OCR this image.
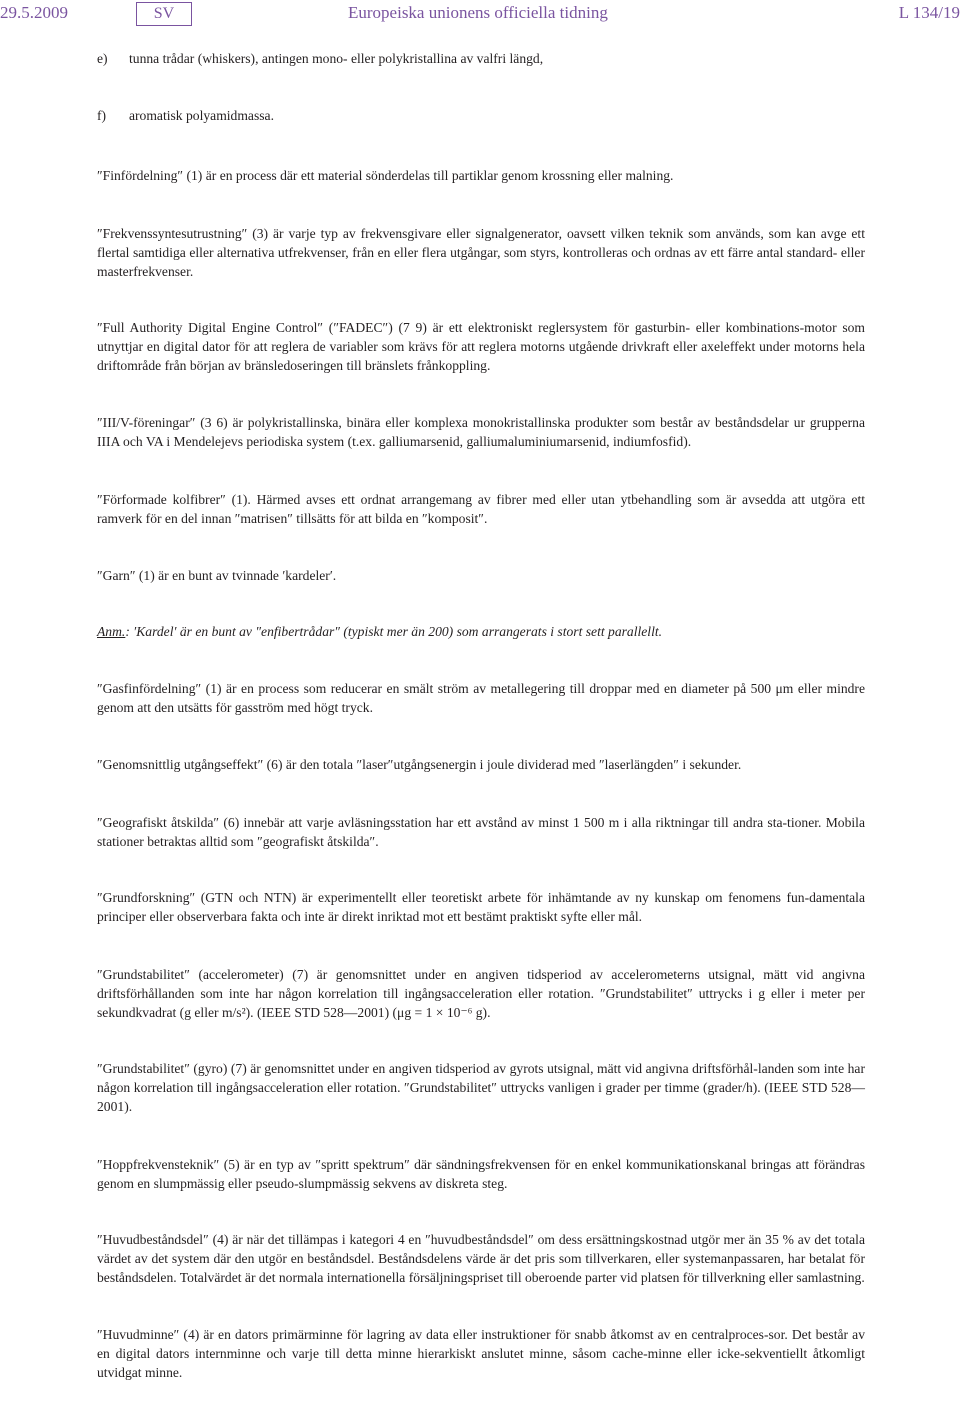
29.5.2009	SV	Europeiska unionens officiella tidning	L 134/19
e) tunna trådar (whiskers), antingen mono- eller polykristallina av valfri längd,
f) aromatisk polyamidmassa.

″Finfördelning″ (1) är en process där ett material sönderdelas till partiklar genom krossning eller malning.

″Frekvenssyntesutrustning″ (3) är varje typ av frekvensgivare eller signalgenerator, oavsett vilken teknik som används, som kan avge ett flertal samtidiga eller alternativa utfrekvenser, från en eller flera utgångar, som styrs, kontrolleras och ordnas av ett färre antal standard- eller masterfrekvenser.

″Full Authority Digital Engine Control″ (″FADEC″) (7 9) är ett elektroniskt reglersystem för gasturbin- eller kombinations-motor som utnyttjar en digital dator för att reglera de variabler som krävs för att reglera motorns utgående drivkraft eller axeleffekt under motorns hela driftområde från början av bränsledoseringen till bränslets frånkoppling.

″III/V-föreningar″ (3 6) är polykristallinska, binära eller komplexa monokristallinska produkter som består av beståndsdelar ur grupperna IIIA och VA i Mendelejevs periodiska system (t.ex. galliumarsenid, galliumaluminiumarsenid, indiumfosfid).

″Förformade kolfibrer″ (1). Härmed avses ett ordnat arrangemang av fibrer med eller utan ytbehandling som är avsedda att utgöra ett ramverk för en del innan ″matrisen″ tillsätts för att bilda en ″komposit″.

″Garn″ (1) är en bunt av tvinnade ′kardeler′.

Anm.: ′Kardel′ är en bunt av ″enfibertrådar″ (typiskt mer än 200) som arrangerats i stort sett parallellt.

″Gasfinfördelning″ (1) är en process som reducerar en smält ström av metallegering till droppar med en diameter på 500 μm eller mindre genom att den utsätts för gasström med högt tryck.

″Genomsnittlig utgångseffekt″ (6) är den totala ″laser″utgångsenergin i joule dividerad med ″laserlängden″ i sekunder.

″Geografiskt åtskilda″ (6) innebär att varje avläsningsstation har ett avstånd av minst 1 500 m i alla riktningar till andra sta-tioner. Mobila stationer betraktas alltid som ″geografiskt åtskilda″.

″Grundforskning″ (GTN och NTN) är experimentellt eller teoretiskt arbete för inhämtande av ny kunskap om fenomens fun-damentala principer eller observerbara fakta och inte är direkt inriktad mot ett bestämt praktiskt syfte eller mål.

″Grundstabilitet″ (accelerometer) (7) är genomsnittet under en angiven tidsperiod av accelerometerns utsignal, mätt vid angivna driftsförhållanden som inte har någon korrelation till ingångsacceleration eller rotation. ″Grundstabilitet″ uttrycks i g eller i meter per sekundkvadrat (g eller m/s²). (IEEE STD 528—2001) (μg = 1 × 10⁻⁶ g).

″Grundstabilitet″ (gyro) (7) är genomsnittet under en angiven tidsperiod av gyrots utsignal, mätt vid angivna driftsförhål-landen som inte har någon korrelation till ingångsacceleration eller rotation. ″Grundstabilitet″ uttrycks vanligen i grader per timme (grader/h). (IEEE STD 528—2001).

″Hoppfrekvensteknik″ (5) är en typ av ″spritt spektrum″ där sändningsfrekvensen för en enkel kommunikationskanal bringas att förändras genom en slumpmässig eller pseudo-slumpmässig sekvens av diskreta steg.

″Huvudbeståndsdel″ (4) är när det tillämpas i kategori 4 en ″huvudbeståndsdel″ om dess ersättningskostnad utgör mer än 35 % av det totala värdet av det system där den utgör en beståndsdel. Beståndsdelens värde är det pris som tillverkaren, eller systemanpassaren, har betalat för beståndsdelen. Totalvärdet är det normala internationella försäljningspriset till oberoende parter vid platsen för tillverkning eller samlastning.

″Huvudminne″ (4) är en dators primärminne för lagring av data eller instruktioner för snabb åtkomst av en centralproces-sor. Det består av en digital dators internminne och varje till detta minne hierarkiskt anslutet minne, såsom cache-minne eller icke-sekventiellt åtkomligt utvidgat minne.
